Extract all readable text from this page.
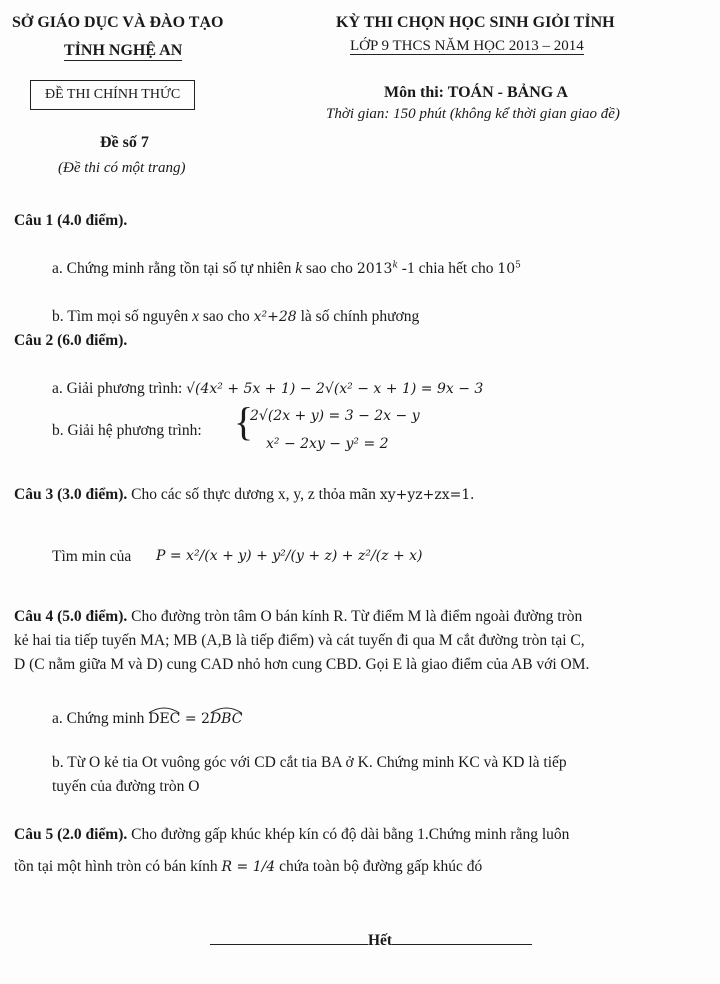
SỞ GIÁO DỤC VÀ ĐÀO TẠO
TỈNH NGHỆ AN
KỲ THI CHỌN HỌC SINH GIỎI TỈNH
LỚP 9 THCS NĂM HỌC 2013 – 2014
ĐỀ THI CHÍNH THỨC	Môn thi: TOÁN - BẢNG A
Thời gian: 150 phút (không kể thời gian giao đề)
Đề số 7
(Đề thi có một trang)
Câu 1 (4.0 điểm).
a. Chứng minh rằng tồn tại số tự nhiên k sao cho 2013$^k$ -1 chia hết cho $10^5$
b. Tìm mọi số nguyên x sao cho x²+28 là số chính phương
Câu 2 (6.0 điểm).
a. Giải phương trình: √(4x² + 5x + 1) − 2√(x² − x + 1) = 9x − 3
b. Giải hệ phương trình: {
2√(2x + y) = 3 − 2x − y
x² − 2xy − y² = 2
Câu 3 (3.0 điểm). Cho các số thực dương x, y, z thỏa mãn xy+yz+zx=1.
Tìm min của P = x²/(x + y) + y²/(y + z) + z²/(z + x)
Câu 4 (5.0 điểm). Cho đường tròn tâm O bán kính R. Từ điểm M là điểm ngoài đường tròn
kẻ hai tia tiếp tuyến MA; MB (A,B là tiếp điểm) và cát tuyến đi qua M cắt đường tròn tại C,
D (C nằm giữa M và D) cung CAD nhỏ hơn cung CBD. Gọi E là giao điểm của AB với OM.
a. Chứng minh
DEC = 2
DBC
b. Từ O kẻ tia Ot vuông góc với CD cắt tia BA ở K. Chứng minh KC và KD là tiếp
tuyến của đường tròn O
Câu 5 (2.0 điểm). Cho đường gấp khúc khép kín có độ dài bằng 1.Chứng minh rằng luôn
tồn tại một hình tròn có bán kính R = 1/4 chứa toàn bộ đường gấp khúc đó
Hết
